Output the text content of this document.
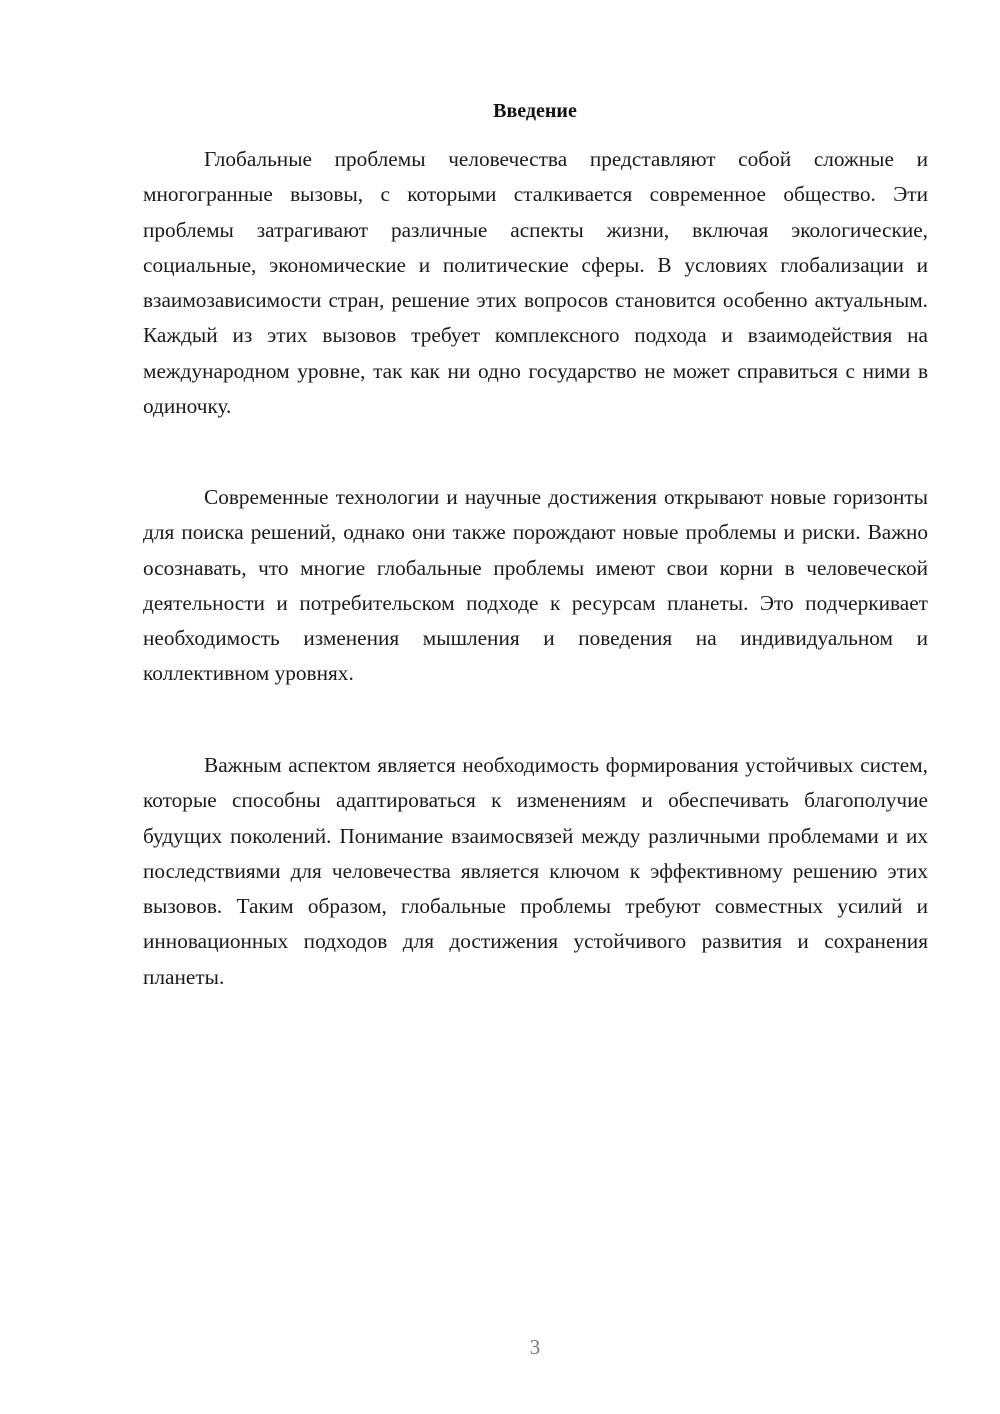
Введение

Глобальные проблемы человечества представляют собой сложные и многогранные вызовы, с которыми сталкивается современное общество. Эти проблемы затрагивают различные аспекты жизни, включая экологические, социальные, экономические и политические сферы. В условиях глобализации и взаимозависимости стран, решение этих вопросов становится особенно актуальным. Каждый из этих вызовов требует комплексного подхода и взаимодействия на международном уровне, так как ни одно государство не может справиться с ними в одиночку.

Современные технологии и научные достижения открывают новые горизонты для поиска решений, однако они также порождают новые проблемы и риски. Важно осознавать, что многие глобальные проблемы имеют свои корни в человеческой деятельности и потребительском подходе к ресурсам планеты. Это подчеркивает необходимость изменения мышления и поведения на индивидуальном и коллективном уровнях.

Важным аспектом является необходимость формирования устойчивых систем, которые способны адаптироваться к изменениям и обеспечивать благополучие будущих поколений. Понимание взаимосвязей между различными проблемами и их последствиями для человечества является ключом к эффективному решению этих вызовов. Таким образом, глобальные проблемы требуют совместных усилий и инновационных подходов для достижения устойчивого развития и сохранения планеты.

3
